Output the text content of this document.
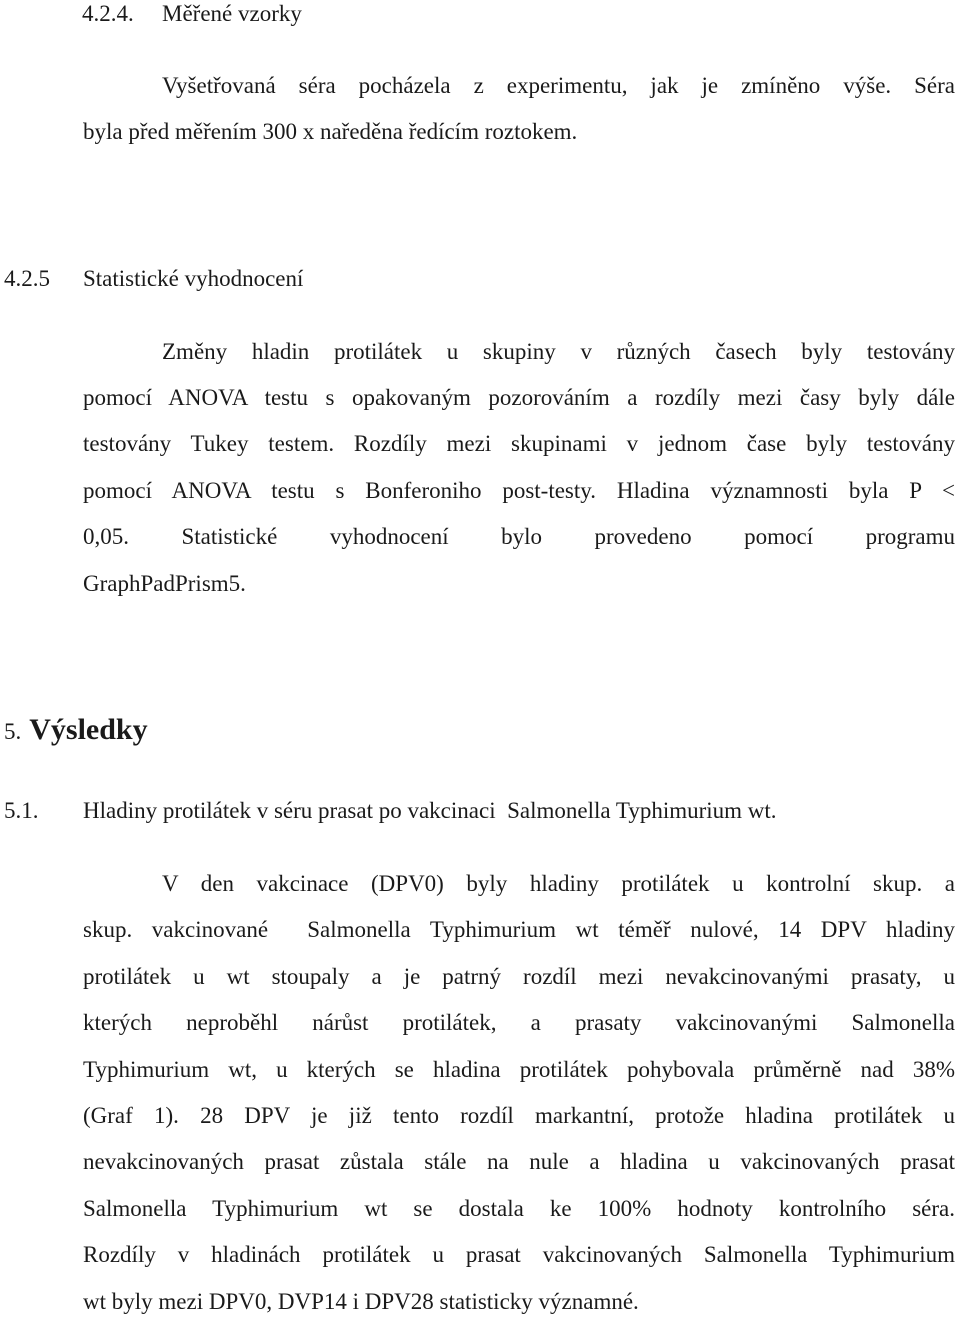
4.2.4. Měřené vzorky
Vyšetřovaná séra pocházela z experimentu, jak je zmíněno výše. Séra
byla před měřením 300 x naředěna ředícím roztokem.
4.2.5 Statistické vyhodnocení
Změny hladin protilátek u skupiny v různých časech byly testovány
pomocí ANOVA testu s opakovaným pozorováním a rozdíly mezi časy byly dále
testovány Tukey testem. Rozdíly mezi skupinami v jednom čase byly testovány
pomocí ANOVA testu s Bonferoniho post-testy. Hladina významnosti byla P <
0,05. Statistické vyhodnocení bylo provedeno pomocí programu
GraphPadPrism5.
5. Výsledky
5.1. Hladiny protilátek v séru prasat po vakcinaci  Salmonella Typhimurium wt.
V den vakcinace (DPV0) byly hladiny protilátek u kontrolní skup. a
skup. vakcinované  Salmonella Typhimurium wt téměř nulové, 14 DPV hladiny
protilátek u wt stoupaly a je patrný rozdíl mezi nevakcinovanými prasaty, u
kterých neproběhl nárůst protilátek, a prasaty vakcinovanými Salmonella
Typhimurium wt, u kterých se hladina protilátek pohybovala průměrně nad 38%
(Graf 1). 28 DPV je již tento rozdíl markantní, protože hladina protilátek u
nevakcinovaných prasat zůstala stále na nule a hladina u vakcinovaných prasat
Salmonella Typhimurium wt se dostala ke 100% hodnoty kontrolního séra.
Rozdíly v hladinách protilátek u prasat vakcinovaných Salmonella Typhimurium
wt byly mezi DPV0, DVP14 i DPV28 statisticky významné.
